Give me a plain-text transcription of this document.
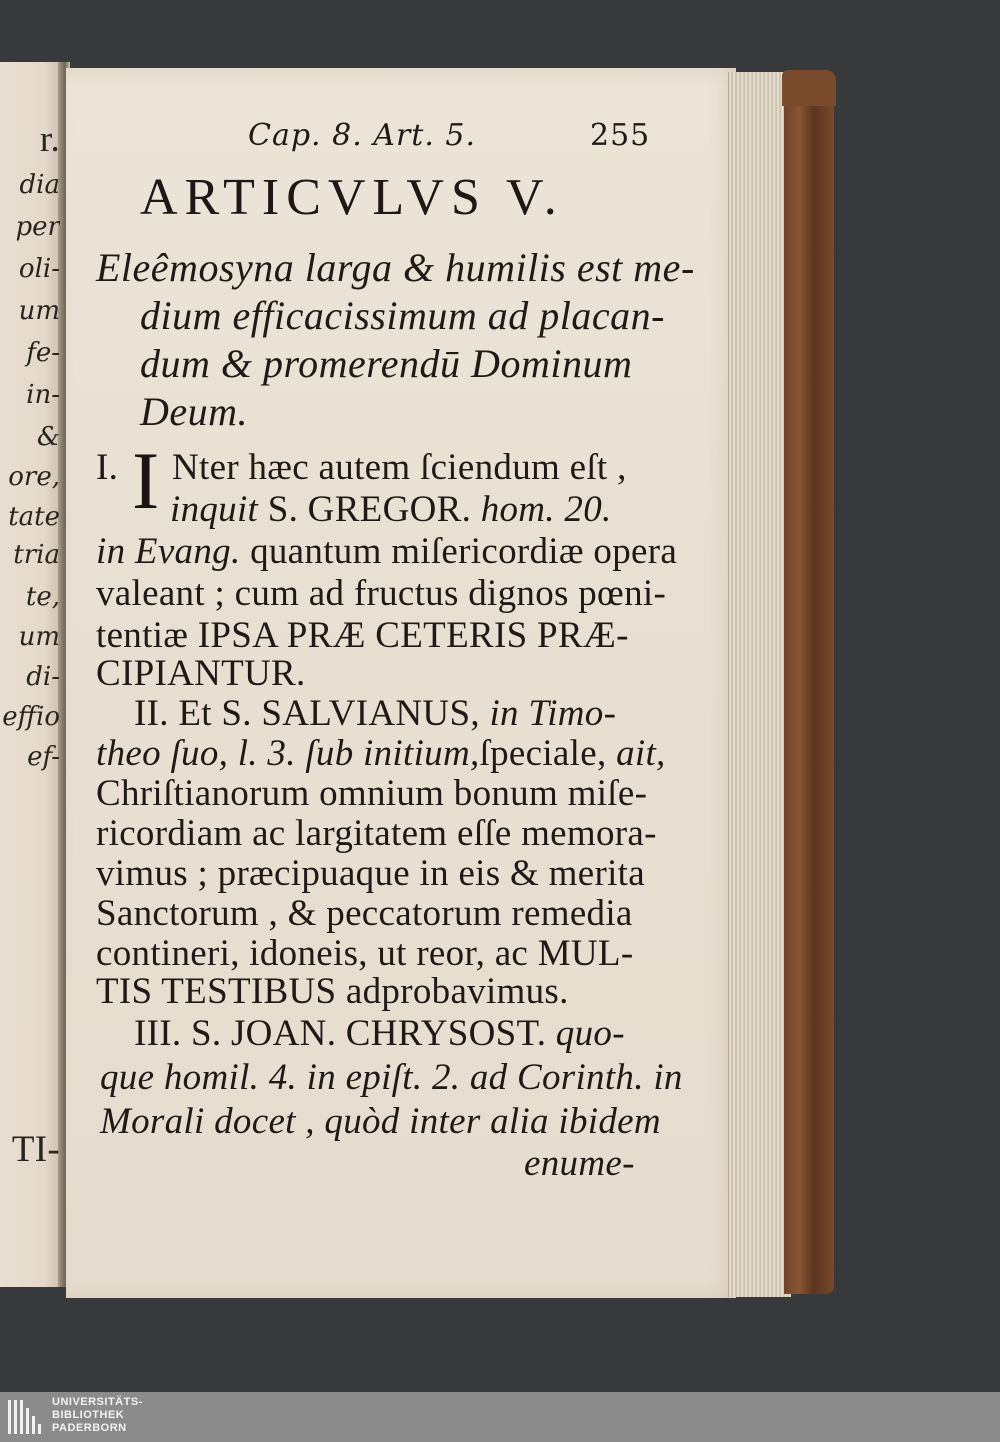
r.
dia
per
oli-
um
fe-
in-
&
ore,
tate
tria
te,
um
di-
effio
ef-
TI-
Cap. 8. Art. 5.	255
ARTICVLVS V.
Eleêmosyna larga & humilis est me-
dium efficacissimum ad placan-
dum & promerendū Dominum
Deum.
I. I Nter hæc autem ſciendum eſt ,
inquit S. GREGOR. hom. 20.
in Evang. quantum miſericordiæ opera
valeant ; cum ad fructus dignos pœni-
tentiæ IPSA PRÆ CETERIS PRÆ-
CIPIANTUR.
II. Et S. SALVIANUS, in Timo-
theo ſuo, l. 3. ſub initium,ſpeciale, ait,
Chriſtianorum omnium bonum miſe-
ricordiam ac largitatem eſſe memora-
vimus ; præcipuaque in eis & merita
Sanctorum , & peccatorum remedia
contineri, idoneis, ut reor, ac MUL-
TIS TESTIBUS adprobavimus.
III. S. JOAN. CHRYSOST. quo-
que homil. 4. in epiſt. 2. ad Corinth. in
Morali docet , quòd inter alia ibidem
enume-
UNIVERSITÄTS-
BIBLIOTHEK
PADERBORN
